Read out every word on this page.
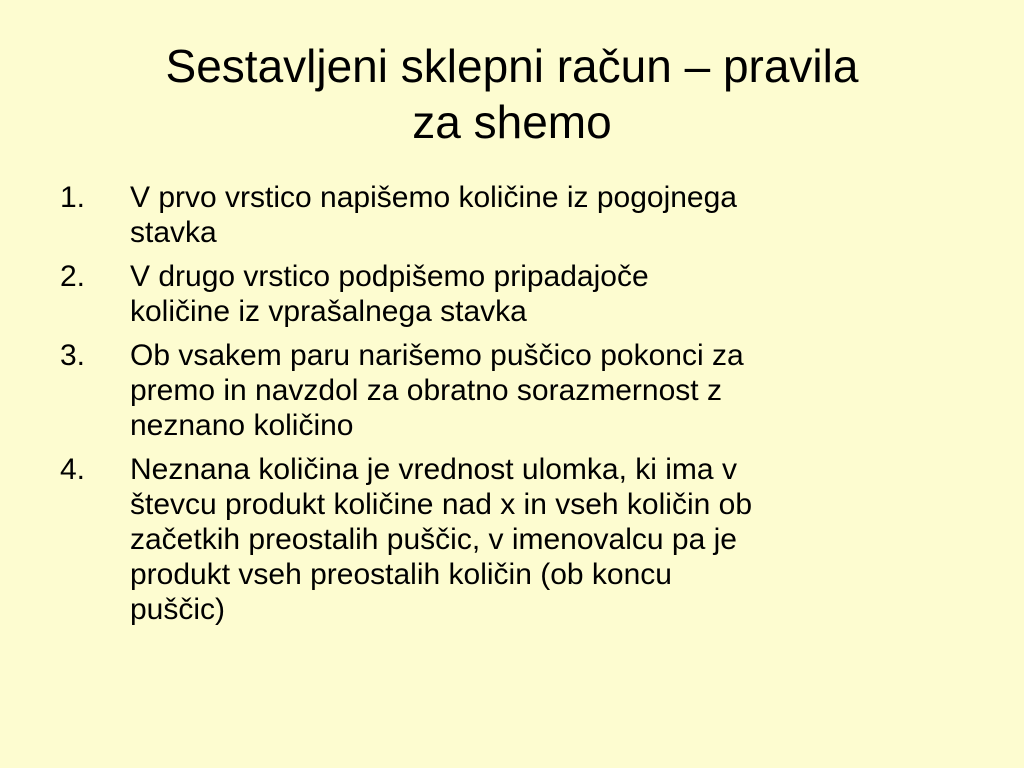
Sestavljeni sklepni račun – pravila
za shemo
1.	V prvo vrstico napišemo količine iz pogojnega
stavka
2.	V drugo vrstico podpišemo pripadajoče
količine iz vprašalnega stavka
3.	Ob vsakem paru narišemo puščico pokonci za
premo in navzdol za obratno sorazmernost z
neznano količino
4.	Neznana količina je vrednost ulomka, ki ima v
števcu produkt količine nad x in vseh količin ob
začetkih preostalih puščic, v imenovalcu pa je
produkt vseh preostalih količin (ob koncu
puščic)
